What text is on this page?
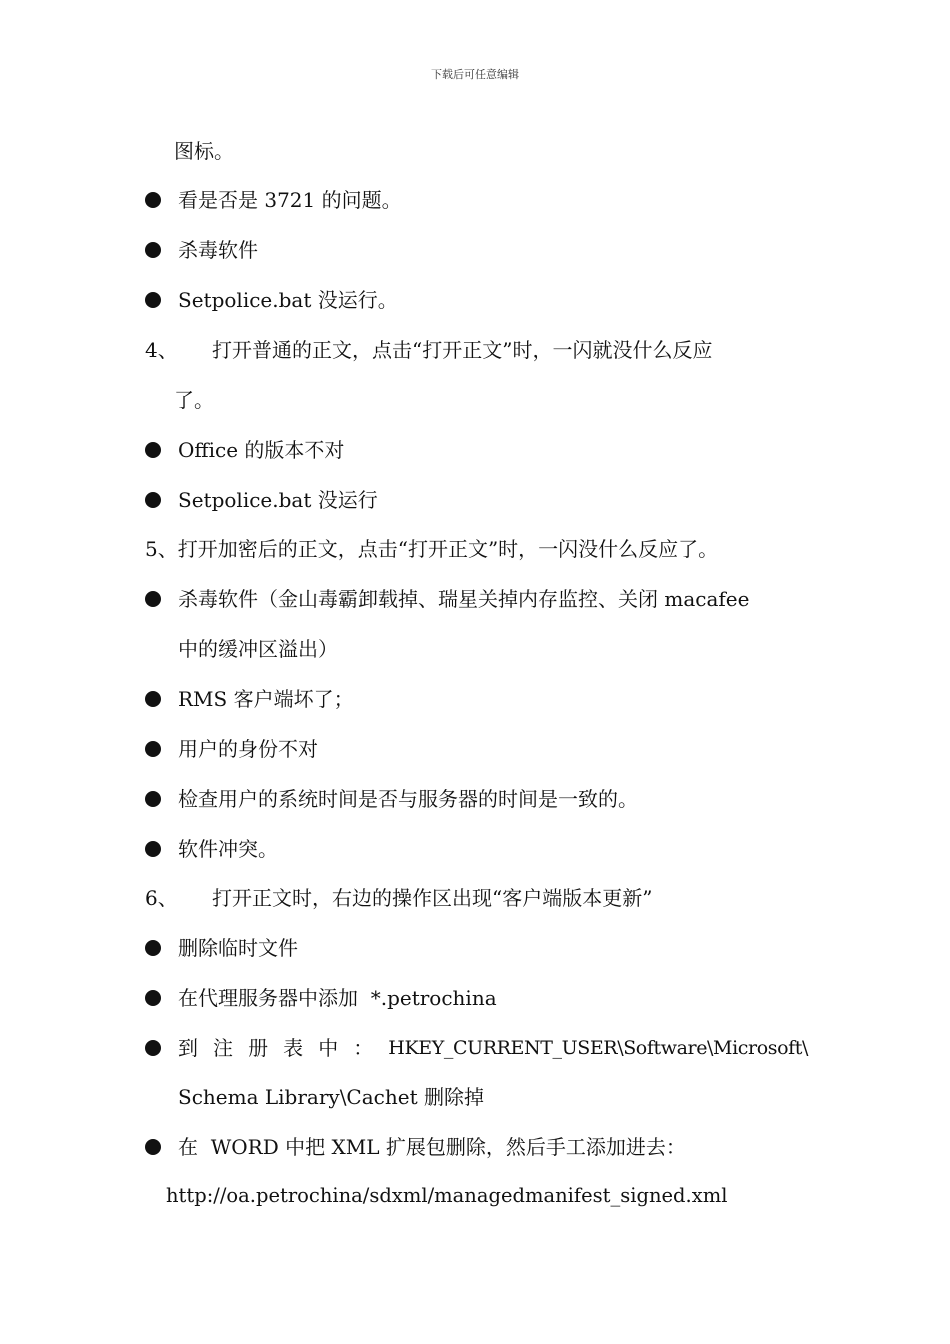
下载后可任意编辑
图标。
看是否是 3721 的问题。
杀毒软件
Setpolice.bat 没运行。
4、 打开普通的正文，点击“打开正文”时，一闪就没什么反应
了。
Office 的版本不对
Setpolice.bat 没运行
5、打开加密后的正文，点击“打开正文”时，一闪没什么反应了。
杀毒软件（金山毒霸卸载掉、瑞星关掉内存监控、关闭 macafee
中的缓冲区溢出）
RMS 客户端坏了；
用户的身份不对
检查用户的系统时间是否与服务器的时间是一致的。
软件冲突。
6、 打开正文时，右边的操作区出现“客户端版本更新”
删除临时文件
在代理服务器中添加  *.petrochina
到 注 册 表 中 ： HKEY_CURRENT_USER\Software\Microsoft\
Schema Library\Cachet 删除掉
在  WORD 中把 XML 扩展包删除，然后手工添加进去：
http://oa.petrochina/sdxml/managedmanifest_signed.xml
